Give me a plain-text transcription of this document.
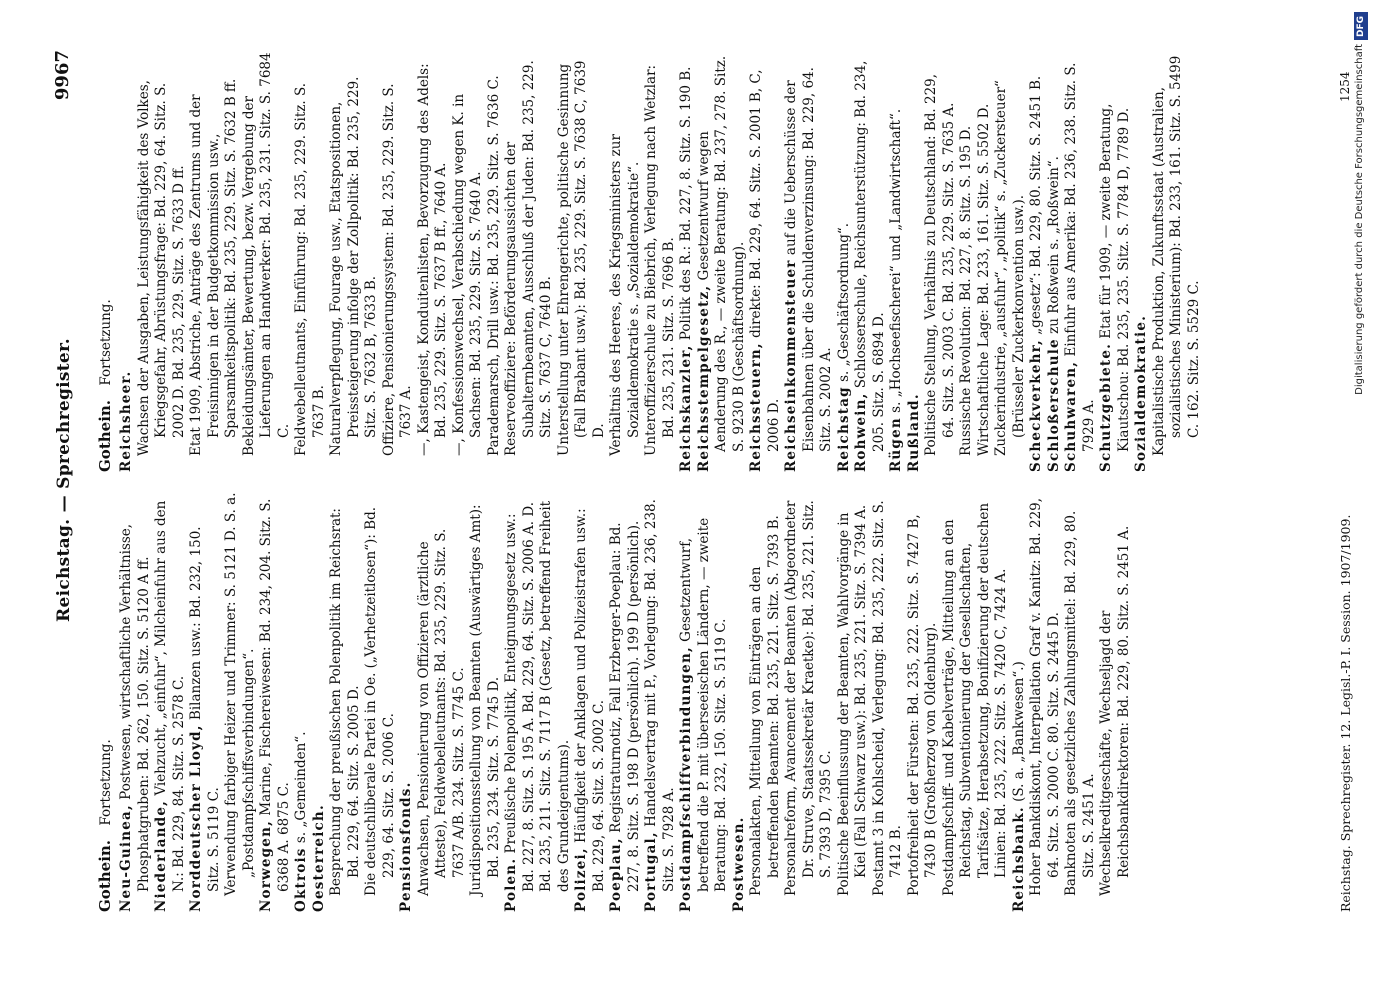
Reichstag. — Sprechregister.
9967
Gothein. Fortsetzung.

Neu-Guinea, Postwesen, wirtschaftliche Verhältnisse, Phosphatgruben: Bd. 262, 150. Sitz. S. 5120 A ff. Niederlande, Viehzucht, „einfuhr“, Milcheinfuhr aus den N.: Bd. 229, 84. Sitz. S. 2578 C. Norddeutscher Lloyd, Bilanzen usw.: Bd. 232, 150. Sitz. S. 5119 C. Verwendung farbiger Heizer und Trimmer: S. 5121 D. S. a. „Postdampfschiffsverbindungen“. Norwegen, Marine, Fischereiwesen: Bd. 234, 204. Sitz. S. 6368 A. 6875 C. Oktrois s. „Gemeinden“.

Oesterreich. Besprechung der preußischen Polenpolitik im Reichsrat: Bd. 229, 64. Sitz. S. 2005 D. Die deutschliberale Partei in Oe. („Verhetzeitlosen“): Bd. 229, 64. Sitz. S. 2006 C. Pensionsfonds. Anwachsen, Pensionierung von Offizieren (ärztliche Atteste), Feldwebelleutnants: Bd. 235, 229. Sitz. S. 7637 A/B. 234. Sitz. S. 7745 C. Juridispositionsstellung von Beamten (Auswärtiges Amt): Bd. 235, 234. Sitz. S. 7745 D.

Polen. Preußische Polenpolitik, Enteignungsgesetz usw.: Bd. 227, 8. Sitz. S. 195 A. Bd. 229, 64. Sitz. S. 2006 A. D. Bd. 235, 211. Sitz. S. 7117 B (Gesetz, betreffend Freiheit des Grundeigentums). Polizei, Häufigkeit der Anklagen und Polizeistrafen usw.: Bd. 229, 64. Sitz. S. 2002 C. Poeplau, Registraturnotiz, Fall Erzberger-Poeplau: Bd. 227, 8. Sitz. S. 198 D (persönlich). 199 D (persönlich). Portugal, Handelsvertrag mit P., Vorlegung: Bd. 236, 238. Sitz. S. 7928 A. Postdampfschiffverbindungen, Gesetzentwurf, betreffend die P. mit überseeischen Ländern, — zweite Beratung: Bd. 232, 150. Sitz. S. 5119 C. Postwesen. Personalakten, Mitteilung von Einträgen an den betreffenden Beamten: Bd. 235, 221. Sitz. S. 7393 B. Personalreform, Avancement der Beamten (Abgeordneter Dr. Struve, Staatssekretär Kraetke): Bd. 235, 221. Sitz. S. 7393 D, 7395 C. Politische Beeinflussung der Beamten, Wahlvorgänge in Kiel (Fall Schwarz usw.): Bd. 235, 221. Sitz. S. 7394 A. Postamt 3 in Kohlscheid, Verlegung: Bd. 235, 222. Sitz. S. 7412 B. Portofreiheit der Fürsten: Bd. 235, 222. Sitz. S. 7427 B, 7430 B (Großherzog von Oldenburg). Postdampfschiff- und Kabelverträge, Mitteilung an den Reichstag, Subventionierung der Gesellschaften, Tarifsätze, Herabsetzung, Bonifizierung der deutschen Linien: Bd. 235, 222. Sitz. S. 7420 C, 7424 A. Reichsbank. (S. a. „Bankwesen“.) Hoher Bankdiskont, Interpellation Graf v. Kanitz: Bd. 229, 64. Sitz. S. 2000 C. 80. Sitz. S. 2445 D. Banknoten als gesetzliches Zahlungsmittel: Bd. 229, 80. Sitz. S. 2451 A. Wechselkreditgeschäfte, Wechseljagd der Reichsbankdirektoren: Bd. 229, 80. Sitz. S. 2451 A.

Gothein. Fortsetzung.

Reichsheer. Wachsen der Ausgaben, Leistungsfähigkeit des Volkes, Kriegsgefahr, Abrüstungsfrage: Bd. 229, 64. Sitz. S. 2002 D. Bd. 235, 229. Sitz. S. 7633 D ff. Etat 1909, Abstriche, Anträge des Zentrums und der Freisinnigen in der Budgetkommission usw., Sparsamkeitspolitik: Bd. 235, 229. Sitz. S. 7632 B ff. Bekleidungsämter, Bewertung, bezw. Vergebung der Lieferungen an Handwerker: Bd. 235, 231. Sitz. S. 7684 C. Feldwebelleutnants, Einführung: Bd. 235, 229. Sitz. S. 7637 B. Naturalverpflegung, Fourage usw., Etatspositionen, Preissteigerung infolge der Zollpolitik: Bd. 235, 229. Sitz. S. 7632 B, 7633 B. Offiziere, Pensionierungssystem: Bd. 235, 229. Sitz. S. 7637 A. —, Kastengeist, Konduitenlisten, Bevorzugung des Adels: Bd. 235, 229. Sitz. S. 7637 B ff., 7640 A. —, Konfessionswechsel, Verabschiedung wegen K. in Sachsen: Bd. 235, 229. Sitz. S. 7640 A. Parademarsch, Drill usw.: Bd. 235, 229. Sitz. S. 7636 C. Reserveoffiziere: Beförderungsaussichten der Subalternbeamten, Ausschluß der Juden: Bd. 235, 229. Sitz. S. 7637 C, 7640 B. Unterstellung unter Ehrengerichte, politische Gesinnung (Fall Brabant usw.): Bd. 235, 229. Sitz. S. 7638 C, 7639 D. Verhältnis des Heeres, des Kriegsministers zur Sozialdemokratie s. „Sozialdemokratie“. Unteroffizierschule zu Biebrich, Verlegung nach Wetzlar: Bd. 235, 231. Sitz. S. 7696 B. Reichskanzler, Politik des R.: Bd. 227, 8. Sitz. S. 190 B.

Reichsstempelgesetz, Gesetzentwurf wegen Aenderung des R., — zweite Beratung: Bd. 237, 278. Sitz. S. 9230 B (Geschäftsordnung). Reichssteuern, direkte: Bd. 229, 64. Sitz. S. 2001 B, C, 2006 D. Reichseinkommensteuer auf die Ueberschüsse der Eisenbahnen über die Schuldenverzinsung: Bd. 229, 64. Sitz. S. 2002 A. Reichstag s. „Geschäftsordnung“.

Rohwein, Schlosserschule, Reichsunterstützung: Bd. 234, 205. Sitz. S. 6894 D. Rügen s. „Hochseefischerei“ und „Landwirtschaft“.

Rußland. Politische Stellung, Verhältnis zu Deutschland: Bd. 229, 64. Sitz. S. 2003 C. Bd. 235, 229. Sitz. S. 7635 A. Russische Revolution: Bd. 227, 8. Sitz. S. 195 D. Wirtschaftliche Lage: Bd. 233, 161. Sitz. S. 5502 D. Zuckerindustrie, „ausfuhr“, „politik“ s. „Zuckersteuer“ (Brüsseler Zuckerkonvention usw.). Scheckverkehr, „gesetz“: Bd. 229, 80. Sitz. S. 2451 B.

Schloßerschule zu Roßwein s. „Roßwein“.

Schuhwaren, Einfuhr aus Amerika: Bd. 236, 238. Sitz. S. 7929 A. Schutzgebiete. Etat für 1909, — zweite Beratung, Kiautschou: Bd. 235, 235. Sitz. S. 7784 D, 7789 D. Sozialdemokratie. Kapitalistische Produktion, Zukunftsstaat (Australien, sozialistisches Ministerium): Bd. 233, 161. Sitz. S. 5499 C. 162. Sitz. S. 5529 C.

Reichstag. Sprechregister. 12. Legisl.-P. I. Session. 1907/1909.
1254
DFG
Digitalisierung gefördert durch die Deutsche Forschungsgemeinschaft
